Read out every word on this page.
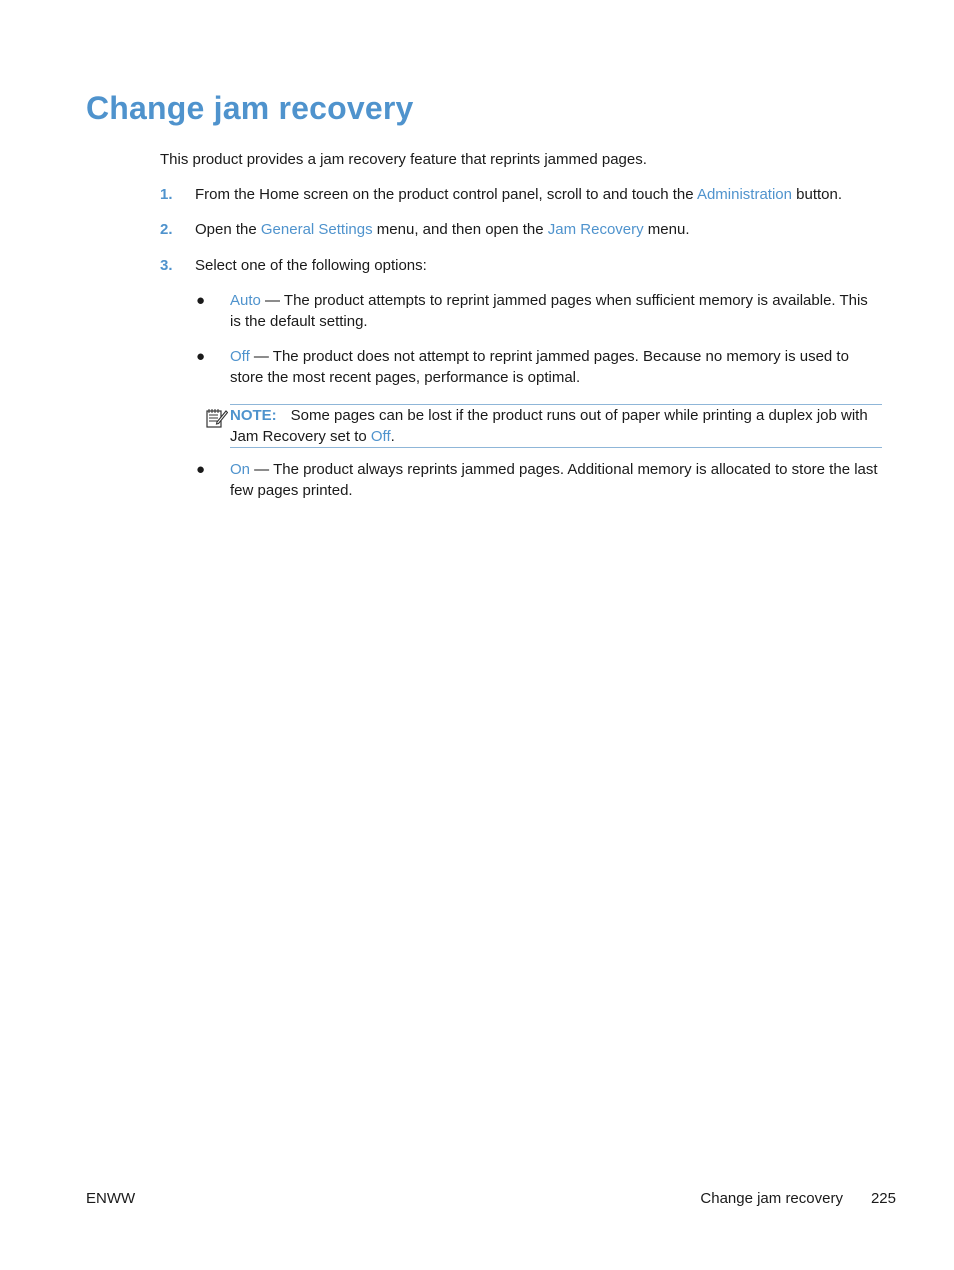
Change jam recovery
This product provides a jam recovery feature that reprints jammed pages.
1. From the Home screen on the product control panel, scroll to and touch the Administration button.
2. Open the General Settings menu, and then open the Jam Recovery menu.
3. Select one of the following options:
● Auto — The product attempts to reprint jammed pages when sufficient memory is available. This is the default setting.
● Off — The product does not attempt to reprint jammed pages. Because no memory is used to store the most recent pages, performance is optimal.
NOTE: Some pages can be lost if the product runs out of paper while printing a duplex job with Jam Recovery set to Off.
● On — The product always reprints jammed pages. Additional memory is allocated to store the last few pages printed.
ENWW	Change jam recovery 225
